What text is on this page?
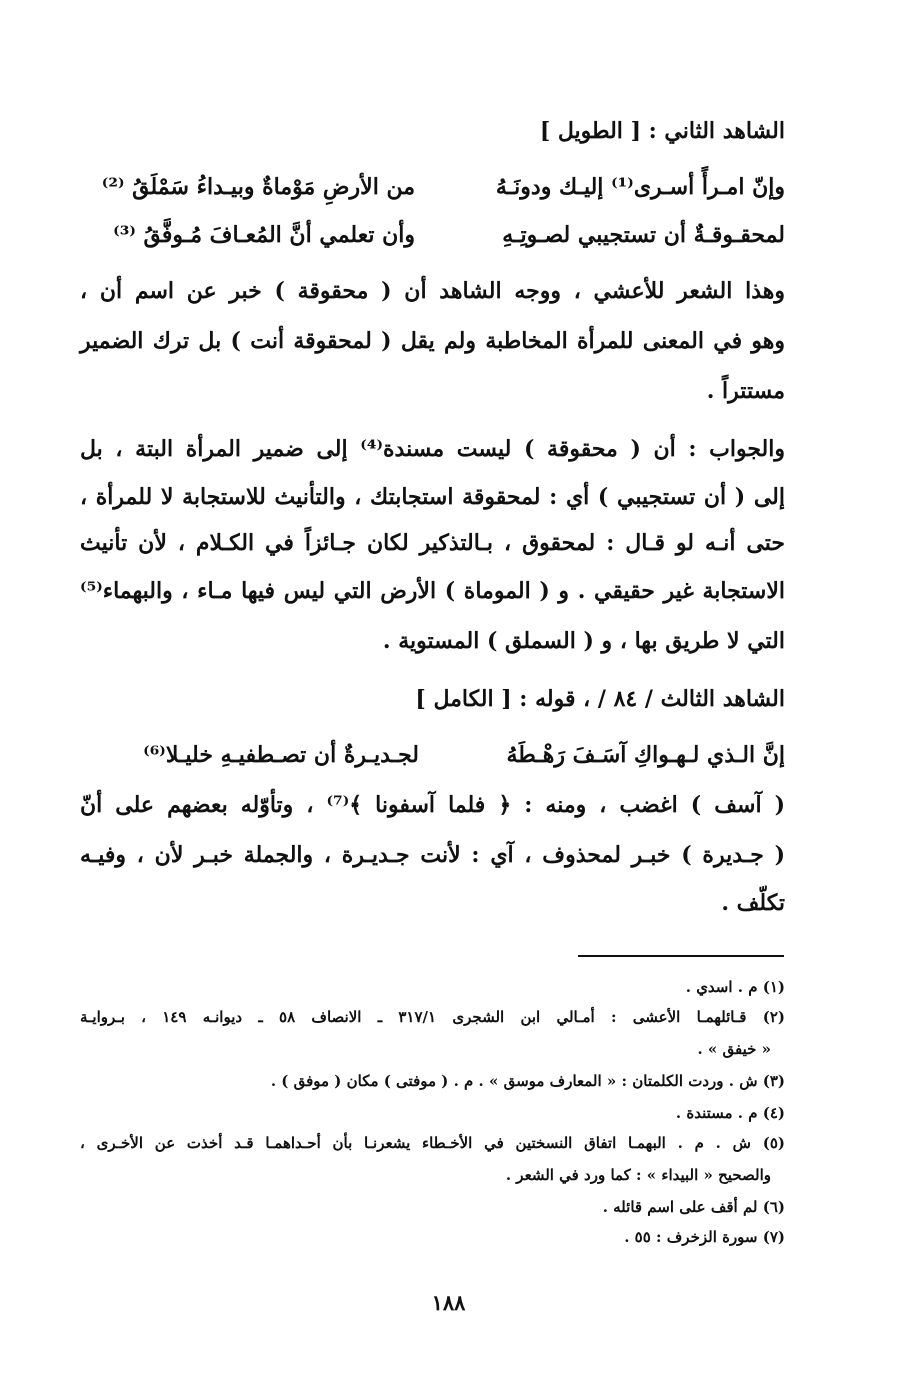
الشاهد الثاني : [ الطويل ]
وإنّ امـرأً أسـرى⁽¹⁾ إليـك ودونَـهُ
من الأرضِ مَوْماةٌ وبيـداءُ سَمْلَقُ ⁽²⁾
لمحقـوقـةٌ أن تستجيبي لصـوتِـهِ
وأن تعلمي أنَّ المُعـافَ مُـوفَّقُ ⁽³⁾
وهذا الشعر للأعشي ، ووجه الشاهد أن ( محقوقة ) خبر عن اسم أن ،
وهو في المعنى للمرأة المخاطبة ولم يقل ( لمحقوقة أنت ) بل ترك الضمير
مستتراً .
والجواب : أن ( محقوقة ) ليست مسندة⁽⁴⁾ إلى ضمير المرأة البتة ، بل
إلى ( أن تستجيبي ) أي : لمحقوقة استجابتك ، والتأنيث للاستجابة لا للمرأة ،
حتى أنـه لو قـال : لمحقوق ، بـالتذكير لكان جـائزاً في الكـلام ، لأن تأنيث
الاستجابة غير حقيقي . و ( الموماة ) الأرض التي ليس فيها مـاء ، والبهماء⁽⁵⁾
التي لا طريق بها ، و ( السملق ) المستوية .
الشاهد الثالث / ٨٤ / ، قوله : [ الكامل ]
إنَّ الـذي لـهـواكِ آسَـفَ رَهْـطَهُ
لجـديـرةٌ أن تصـطفيـهِ خليـلا⁽⁶⁾
( آسف ) اغضب ، ومنه : ﴿ فلما آسفونا ﴾⁽⁷⁾ ، وتأوّله بعضهم على أنّ
( جـديرة ) خبـر لمحذوف ، آي : لأنت جـديـرة ، والجملة خبـر لأن ، وفيـه
تكلّف .
(١) م . اسدي .
(٢) قـائلهمـا الأعشى : أمـالي ابن الشجرى ٣١٧/١ ـ الانصاف ٥٨ ـ ديوانـه ١٤٩ ، بـروايـة
« خيفق » .
(٣) ش . وردت الكلمتان : « المعارف موسق » . م . ( موفتى ) مكان ( موفق ) .
(٤) م . مستندة .
(٥) ش . م . البهمـا اتفاق النسختين في الأخـطاء يشعرنـا بأن أحـداهمـا قـد أخذت عن الأخـرى ،
والصحيح « البيداء » : كما ورد في الشعر .
(٦) لم أقف على اسم قائله .
(٧) سورة الزخرف : ٥٥ .
١٨٨
